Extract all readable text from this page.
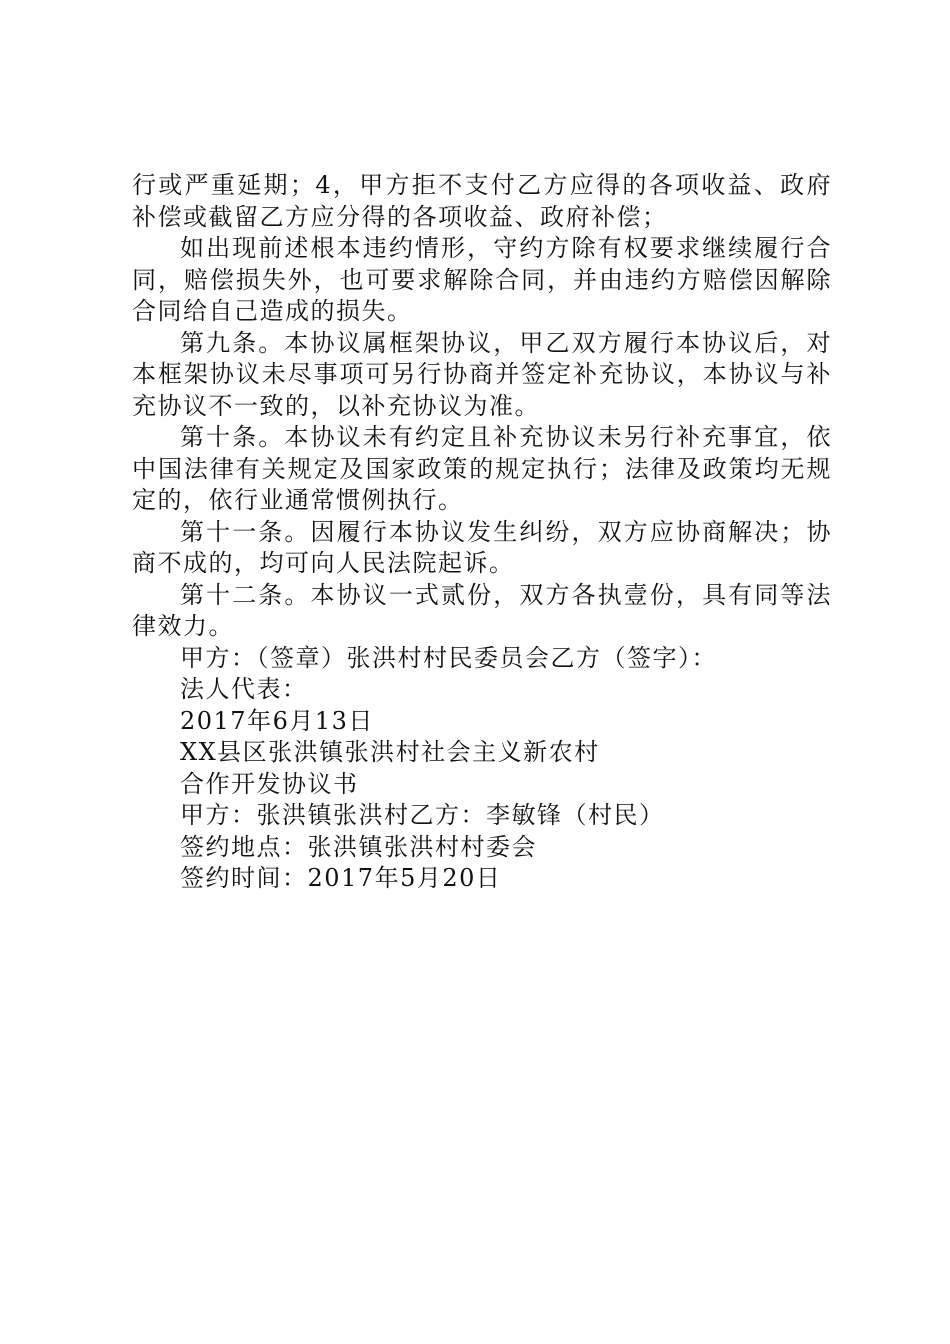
行或严重延期；4，甲方拒不支付乙方应得的各项收益、政府补偿或截留乙方应分得的各项收益、政府补偿；

如出现前述根本违约情形，守约方除有权要求继续履行合同，赔偿损失外，也可要求解除合同，并由违约方赔偿因解除合同给自己造成的损失。

第九条。本协议属框架协议，甲乙双方履行本协议后，对本框架协议未尽事项可另行协商并签定补充协议，本协议与补充协议不一致的，以补充协议为准。

第十条。本协议未有约定且补充协议未另行补充事宜，依中国法律有关规定及国家政策的规定执行；法律及政策均无规定的，依行业通常惯例执行。

第十一条。因履行本协议发生纠纷，双方应协商解决；协商不成的，均可向人民法院起诉。

第十二条。本协议一式贰份，双方各执壹份，具有同等法律效力。

甲方：（签章）张洪村村民委员会乙方（签字）：

法人代表：

2017年6月13日

XX县区张洪镇张洪村社会主义新农村

合作开发协议书

甲方：张洪镇张洪村乙方：李敏锋（村民）

签约地点：张洪镇张洪村村委会

签约时间：2017年5月20日
